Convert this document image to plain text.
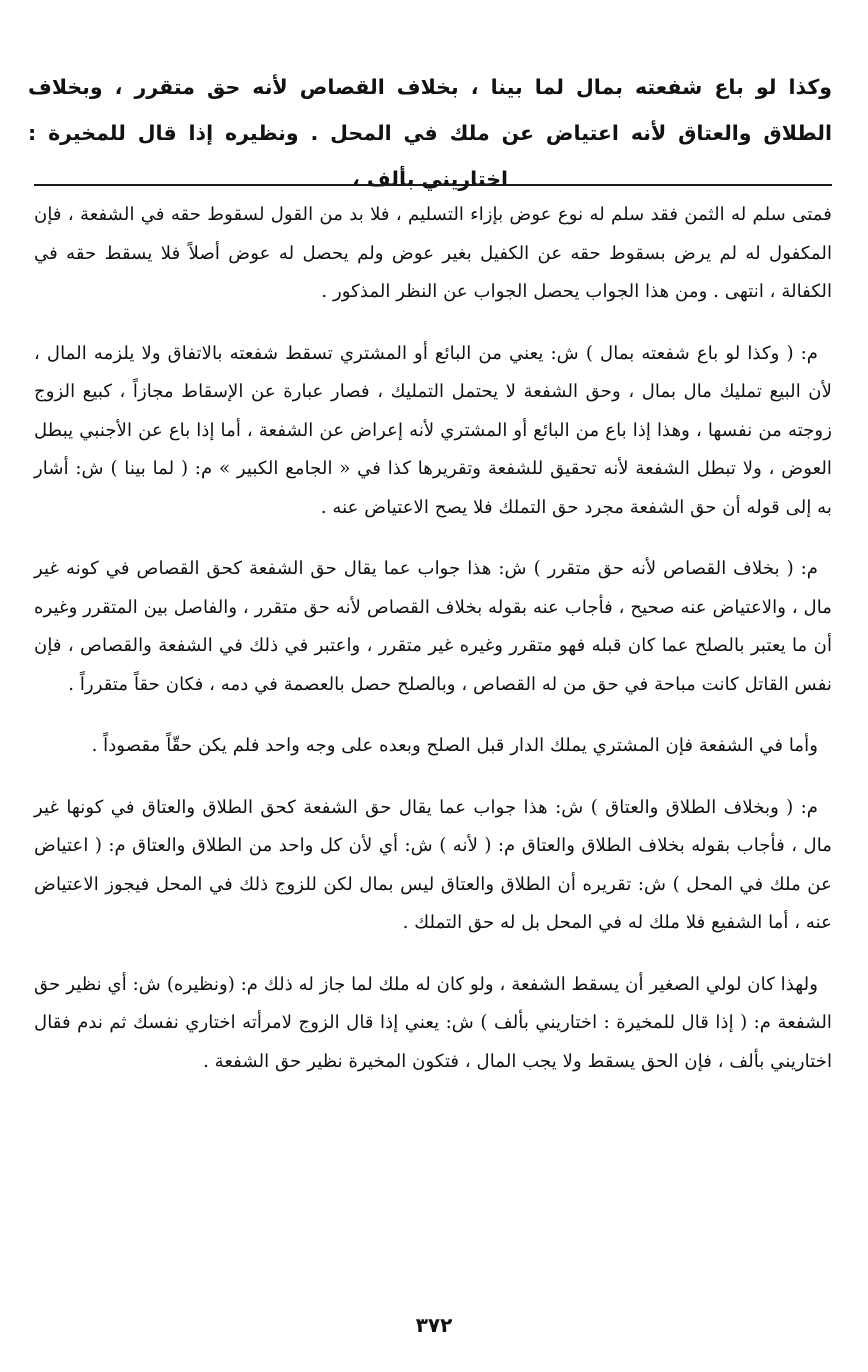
وكذا لو باع شفعته بمال لما بينا ، بخلاف القصاص لأنه حق متقرر ، وبخلاف الطلاق والعتاق لأنه اعتياض عن ملك في المحل . ونظيره إذا قال للمخيرة : اختاريني بألف ،

فمتى سلم له الثمن فقد سلم له نوع عوض بإزاء التسليم ، فلا بد من القول لسقوط حقه في الشفعة ، فإن المكفول له لم يرض بسقوط حقه عن الكفيل بغير عوض ولم يحصل له عوض أصلاً فلا يسقط حقه في الكفالة ، انتهى . ومن هذا الجواب يحصل الجواب عن النظر المذكور .

م: ( وكذا لو باع شفعته بمال ) ش: يعني من البائع أو المشتري تسقط شفعته بالاتفاق ولا يلزمه المال ، لأن البيع تمليك مال بمال ، وحق الشفعة لا يحتمل التمليك ، فصار عبارة عن الإسقاط مجازاً ، كبيع الزوج زوجته من نفسها ، وهذا إذا باع من البائع أو المشتري لأنه إعراض عن الشفعة ، أما إذا باع عن الأجنبي يبطل العوض ، ولا تبطل الشفعة لأنه تحقيق للشفعة وتقريرها كذا في « الجامع الكبير » م: ( لما بينا ) ش: أشار به إلى قوله أن حق الشفعة مجرد حق التملك فلا يصح الاعتياض عنه .

م: ( بخلاف القصاص لأنه حق متقرر ) ش: هذا جواب عما يقال حق الشفعة كحق القصاص في كونه غير مال ، والاعتياض عنه صحيح ، فأجاب عنه بقوله بخلاف القصاص لأنه حق متقرر ، والفاصل بين المتقرر وغيره أن ما يعتبر بالصلح عما كان قبله فهو متقرر وغيره غير متقرر ، واعتبر في ذلك في الشفعة والقصاص ، فإن نفس القاتل كانت مباحة في حق من له القصاص ، وبالصلح حصل بالعصمة في دمه ، فكان حقاً متقرراً .

وأما في الشفعة فإن المشتري يملك الدار قبل الصلح وبعده على وجه واحد فلم يكن حقّاً مقصوداً .

م: ( وبخلاف الطلاق والعتاق ) ش: هذا جواب عما يقال حق الشفعة كحق الطلاق والعتاق في كونها غير مال ، فأجاب بقوله بخلاف الطلاق والعتاق م: ( لأنه ) ش: أي لأن كل واحد من الطلاق والعتاق م: ( اعتياض عن ملك في المحل ) ش: تقريره أن الطلاق والعتاق ليس بمال لكن للزوج ذلك في المحل فيجوز الاعتياض عنه ، أما الشفيع فلا ملك له في المحل بل له حق التملك .

ولهذا كان لولي الصغير أن يسقط الشفعة ، ولو كان له ملك لما جاز له ذلك م: (ونظيره) ش: أي نظير حق الشفعة م: ( إذا قال للمخيرة : اختاريني بألف ) ش: يعني إذا قال الزوج لامرأته اختاري نفسك ثم ندم فقال اختاريني بألف ، فإن الحق يسقط ولا يجب المال ، فتكون المخيرة نظير حق الشفعة .

٣٧٢
